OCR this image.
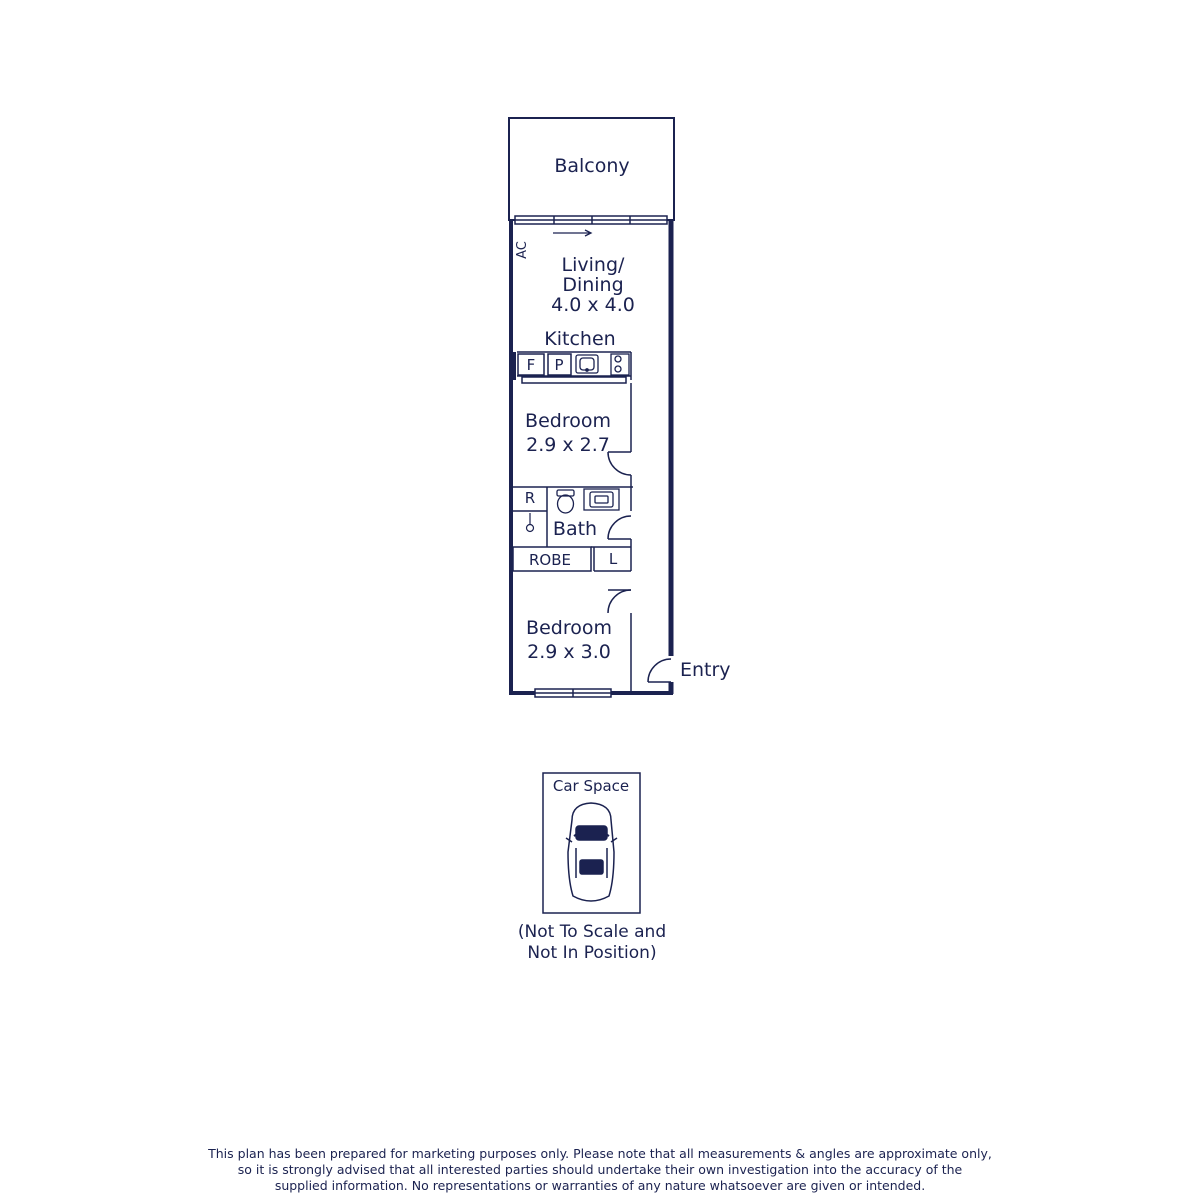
Balcony
AC
Living/
Dining
4.0 x 4.0
Kitchen
F P
Bedroom
2.9 x 2.7
R
Bath
ROBE	L
Bedroom
2.9 x 3.0
Entry
Car Space
(Not To Scale and
Not In Position)
This plan has been prepared for marketing purposes only. Please note that all measurements & angles are approximate only,
so it is strongly advised that all interested parties should undertake their own investigation into the accuracy of the
supplied information. No representations or warranties of any nature whatsoever are given or intended.
